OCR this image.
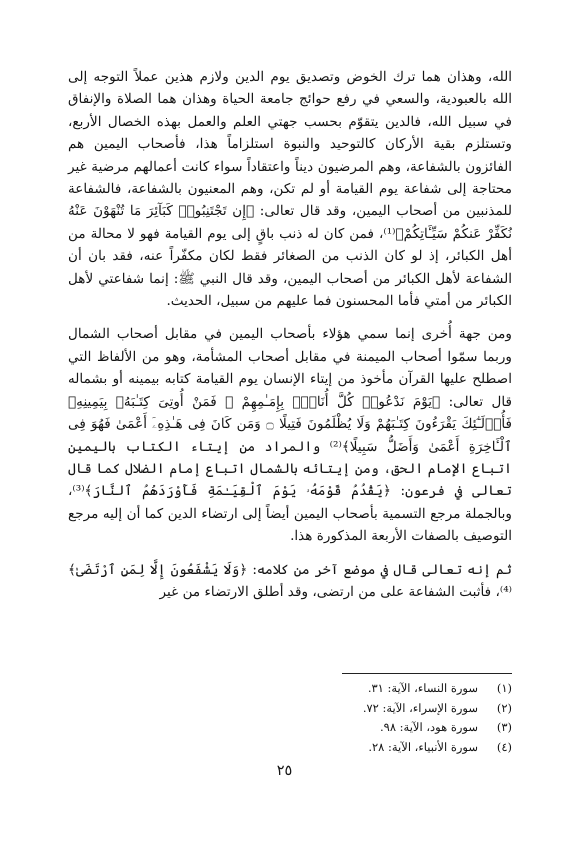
الله، وهذان هما ترك الخوض وتصديق يوم الدين ولازم هذين عملاً التوجه إلى الله بالعبودية، والسعي في رفع حوائج جامعة الحياة وهذان هما الصلاة والإنفاق في سبيل الله، فالدين يتقوّم بحسب جهتي العلم والعمل بهذه الخصال الأربع، وتستلزم بقية الأركان كالتوحيد والنبوة استلزاماً هذا، فأصحاب اليمين هم الفائزون بالشفاعة، وهم المرضيون ديناً واعتقاداً سواء كانت أعمالهم مرضية غير محتاجة إلى شفاعة يوم القيامة أو لم تكن، وهم المعنيون بالشفاعة، فالشفاعة للمذنبين من أصحاب اليمين، وقد قال تعالى: ﴿إِن تَجْتَنِبُوا۟ كَبَآئِرَ مَا تُنْهَوْنَ عَنْهُ نُكَفِّرْ عَنكُمْ سَيِّـَٔاتِكُمْ﴾⁽¹⁾، فمن كان له ذنب باقٍ إلى يوم القيامة فهو لا محالة من أهل الكبائر، إذ لو كان الذنب من الصغائر فقط لكان مكفّراً عنه، فقد بان أن الشفاعة لأهل الكبائر من أصحاب اليمين، وقد قال النبي ﷺ: إنما شفاعتي لأهل الكبائر من أمتي فأما المحسنون فما عليهم من سبيل، الحديث.

ومن جهة أُخرى إنما سمي هؤلاء بأصحاب اليمين في مقابل أصحاب الشمال وربما سمّوا أصحاب الميمنة في مقابل أصحاب المشأمة، وهو من الألفاظ التي اصطلح عليها القرآن مأخوذ من إيتاء الإنسان يوم القيامة كتابه بيمينه أو بشماله قال تعالى: ﴿يَوْمَ نَدْعُوا۟ كُلَّ أُنَاسٍۭ بِإِمَـٰمِهِمْ ۖ فَمَنْ أُوتِىَ كِتَـٰبَهُۥ بِيَمِينِهِۦ فَأُو۟لَـٰٓئِكَ يَقْرَءُونَ كِتَـٰبَهُمْ وَلَا يُظْلَمُونَ فَتِيلًا ۝ وَمَن كَانَ فِى هَـٰذِهِۦٓ أَعْمَىٰ فَهُوَ فِى ٱلْـَٔاخِرَةِ أَعْمَىٰ وَأَضَلُّ سَبِيلًا﴾⁽²⁾ والمراد من إيتاء الكتاب باليمين اتباع الإمام الحق، ومن إيتائه بالشمال اتباع إمام الضلال كما قال تعالى في فرعون: ﴿يَقْدُمُ قَوْمَهُۥ يَوْمَ ٱلْقِيَـٰمَةِ فَأَوْرَدَهُمُ ٱلنَّارَ﴾⁽³⁾، وبالجملة مرجع التسمية بأصحاب اليمين أيضاً إلى ارتضاء الدين كما أن إليه مرجع التوصيف بالصفات الأربعة المذكورة هذا.

ثم إنه تعالى قال في موضع آخر من كلامه: ﴿وَلَا يَشْفَعُونَ إِلَّا لِمَنِ ٱرْتَضَىٰ﴾⁽⁴⁾، فأثبت الشفاعة على من ارتضى، وقد أطلق الارتضاء من غير

(١)
سورة النساء، الآية: ٣١.
(٢)
سورة الإسراء، الآية: ٧٢.
(٣)
سورة هود، الآية: ٩٨.
(٤)
سورة الأنبياء، الآية: ٢٨.
٢٥
